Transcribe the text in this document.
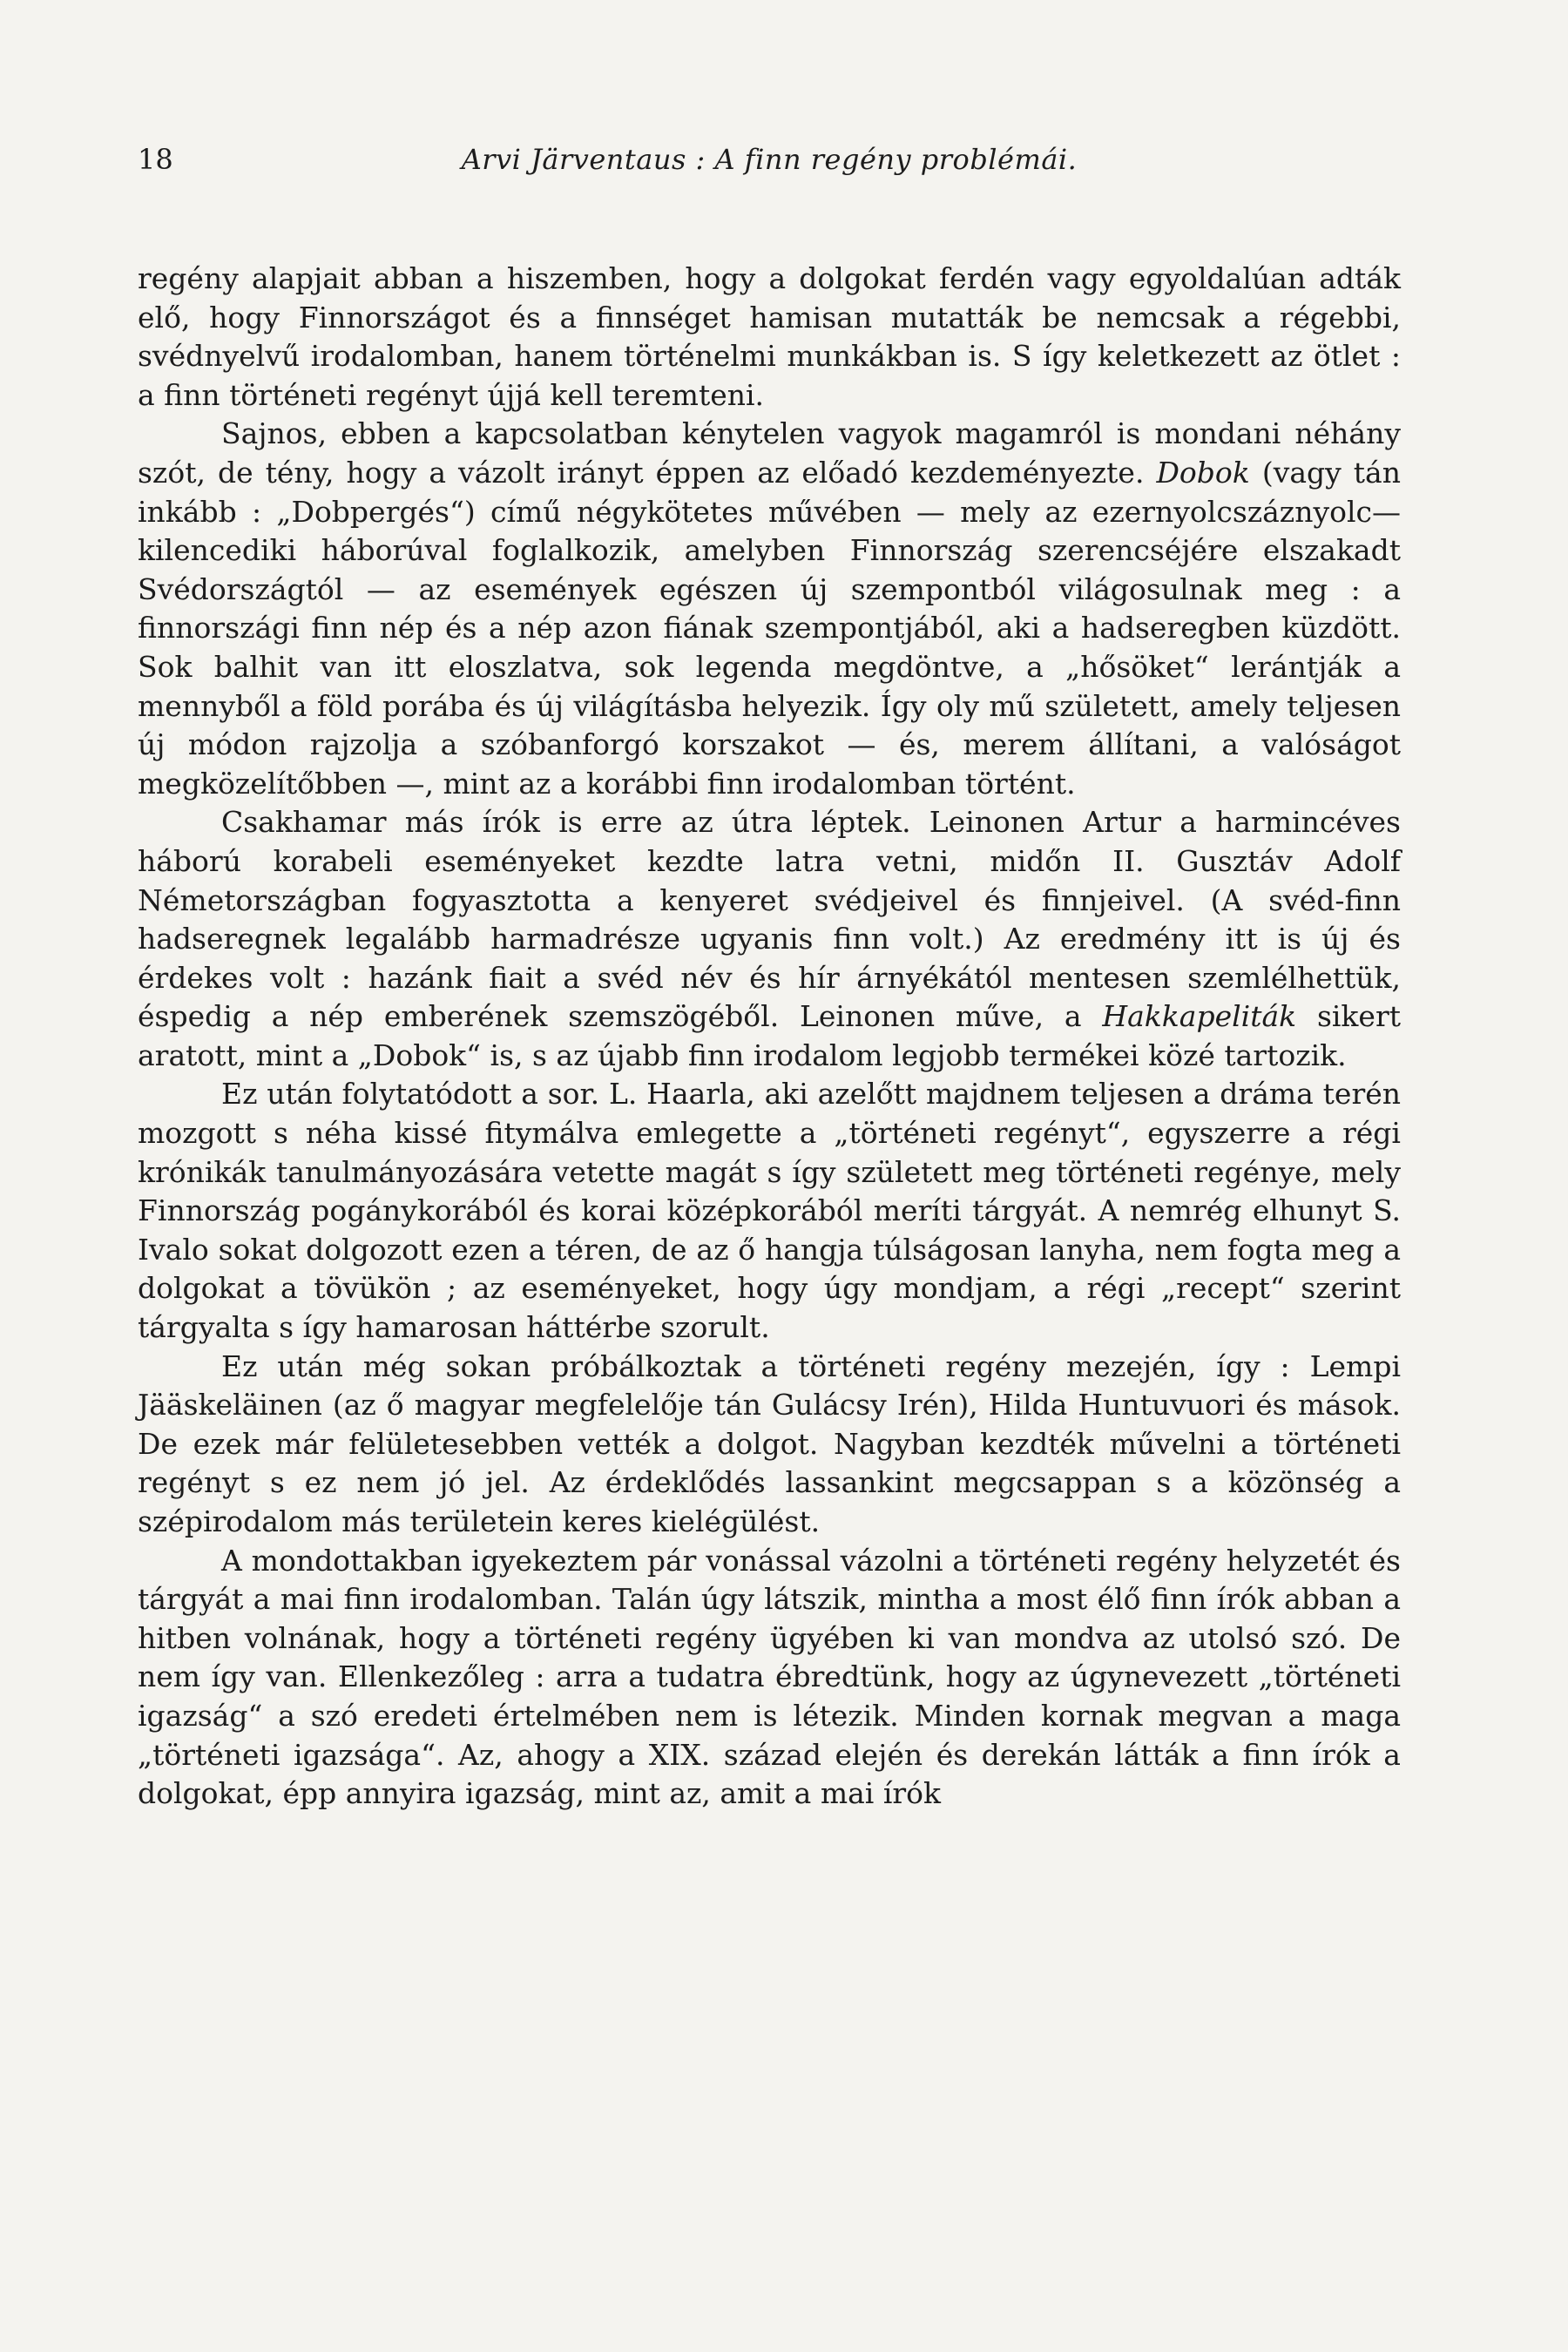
18	Arvi Järventaus : A finn regény problémái.

regény alapjait abban a hiszemben, hogy a dolgokat ferdén vagy egyoldalúan adták elő, hogy Finnországot és a finnséget hamisan mutatták be nemcsak a régebbi, svédnyelvű irodalomban, hanem történelmi munkákban is. S így keletkezett az ötlet : a finn történeti regényt újjá kell teremteni.

Sajnos, ebben a kapcsolatban kénytelen vagyok magamról is mondani néhány szót, de tény, hogy a vázolt irányt éppen az előadó kezdeményezte. Dobok (vagy tán inkább : „Dobpergés“) című négykötetes művében — mely az ezernyolcszáznyolc—kilencediki háborúval foglalkozik, amelyben Finnország szerencséjére elszakadt Svédországtól — az események egészen új szempontból világosulnak meg : a finnországi finn nép és a nép azon fiának szempontjából, aki a hadseregben küzdött. Sok balhit van itt eloszlatva, sok legenda megdöntve, a „hősöket“ lerántják a mennyből a föld porába és új világításba helyezik. Így oly mű született, amely teljesen új módon rajzolja a szóbanforgó korszakot — és, merem állítani, a valóságot megközelítőbben —, mint az a korábbi finn irodalomban történt.

Csakhamar más írók is erre az útra léptek. Leinonen Artur a harmincéves háború korabeli eseményeket kezdte latra vetni, midőn II. Gusztáv Adolf Németországban fogyasztotta a kenyeret svédjeivel és finnjeivel. (A svéd-finn hadseregnek legalább harmadrésze ugyanis finn volt.) Az eredmény itt is új és érdekes volt : hazánk fiait a svéd név és hír árnyékától mentesen szemlélhettük, éspedig a nép emberének szemszögéből. Leinonen műve, a Hakkapeliták sikert aratott, mint a „Dobok“ is, s az újabb finn irodalom legjobb termékei közé tartozik.

Ez után folytatódott a sor. L. Haarla, aki azelőtt majdnem teljesen a dráma terén mozgott s néha kissé fitymálva emlegette a „történeti regényt“, egyszerre a régi krónikák tanulmányozására vetette magát s így született meg történeti regénye, mely Finnország pogánykorából és korai középkorából meríti tárgyát. A nemrég elhunyt S. Ivalo sokat dolgozott ezen a téren, de az ő hangja túlságosan lanyha, nem fogta meg a dolgokat a tövükön ; az eseményeket, hogy úgy mondjam, a régi „recept“ szerint tárgyalta s így hamarosan háttérbe szorult.

Ez után még sokan próbálkoztak a történeti regény mezején, így : Lempi Jääskeläinen (az ő magyar megfelelője tán Gulácsy Irén), Hilda Huntuvuori és mások. De ezek már felületesebben vették a dolgot. Nagyban kezdték művelni a történeti regényt s ez nem jó jel. Az érdeklődés lassankint megcsappan s a közönség a szépirodalom más területein keres kielégülést.

A mondottakban igyekeztem pár vonással vázolni a történeti regény helyzetét és tárgyát a mai finn irodalomban. Talán úgy látszik, mintha a most élő finn írók abban a hitben volnának, hogy a történeti regény ügyében ki van mondva az utolsó szó. De nem így van. Ellenkezőleg : arra a tudatra ébredtünk, hogy az úgynevezett „történeti igazság“ a szó eredeti értelmében nem is létezik. Minden kornak megvan a maga „történeti igazsága“. Az, ahogy a XIX. század elején és derekán látták a finn írók a dolgokat, épp annyira igazság, mint az, amit a mai írók
